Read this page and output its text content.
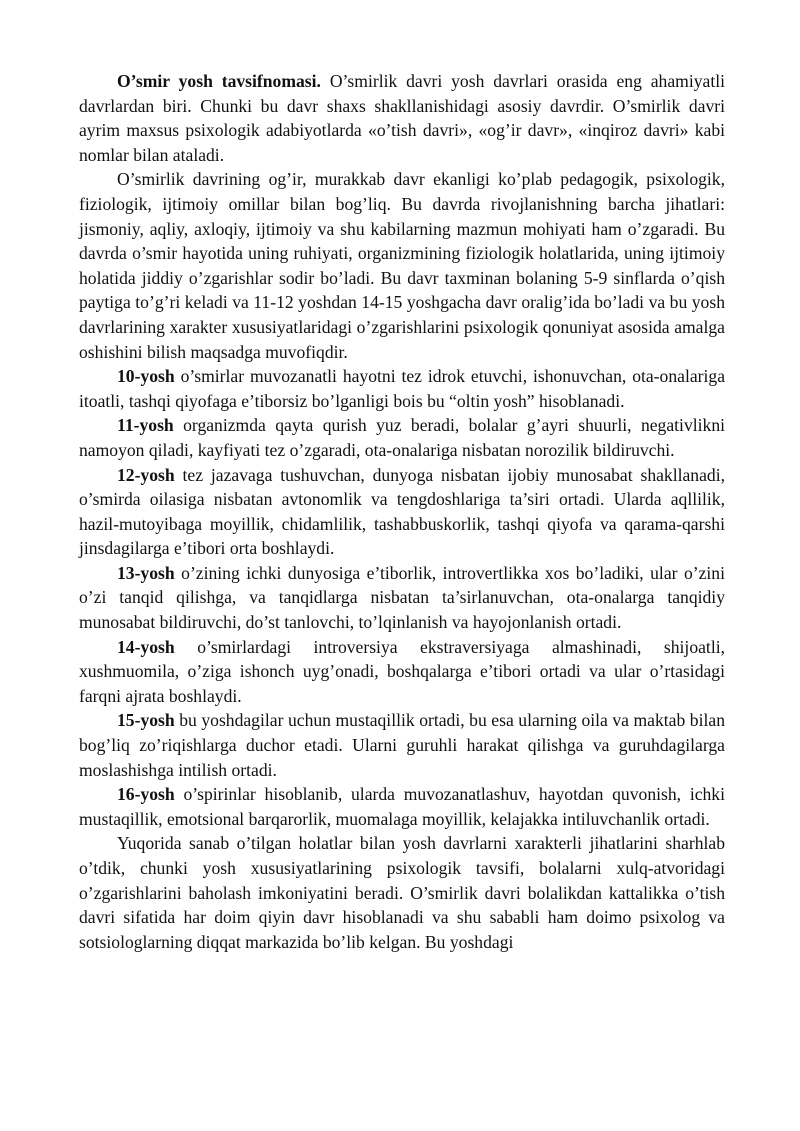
O’smir yosh tavsifnomasi. O’smirlik davri yosh davrlari orasida eng ahamiyatli davrlardan biri. Chunki bu davr shaxs shakllanishidagi asosiy davrdir. O’smirlik davri ayrim maxsus psixologik adabiyotlarda «o’tish davri», «og’ir davr», «inqiroz davri» kabi nomlar bilan ataladi.

O’smirlik davrining og’ir, murakkab davr ekanligi ko’plab pedagogik, psixologik, fiziologik, ijtimoiy omillar bilan bog’liq. Bu davrda rivojlanishning barcha jihatlari: jismoniy, aqliy, axloqiy, ijtimoiy va shu kabilarning mazmun mohiyati ham o’zgaradi. Bu davrda o’smir hayotida uning ruhiyati, organizmining fiziologik holatlarida, uning ijtimoiy holatida jiddiy o’zgarishlar sodir bo’ladi. Bu davr taxminan bolaning 5-9 sinflarda o’qish paytiga to’g’ri keladi va 11-12 yoshdan 14-15 yoshgacha davr oralig’ida bo’ladi va bu yosh davrlarining xarakter xususiyatlaridagi o’zgarishlarini psixologik qonuniyat asosida amalga oshishini bilish maqsadga muvofiqdir.

10-yosh o’smirlar muvozanatli hayotni tez idrok etuvchi, ishonuvchan, ota-onalariga itoatli, tashqi qiyofaga e’tiborsiz bo’lganligi bois bu “oltin yosh” hisoblanadi.

11-yosh organizmda qayta qurish yuz beradi, bolalar g’ayri shuurli, negativlikni namoyon qiladi, kayfiyati tez o’zgaradi, ota-onalariga nisbatan norozilik bildiruvchi.

12-yosh tez jazavaga tushuvchan, dunyoga nisbatan ijobiy munosabat shakllanadi, o’smirda oilasiga nisbatan avtonomlik va tengdoshlariga ta’siri ortadi. Ularda aqllilik, hazil-mutoyibaga moyillik, chidamlilik, tashabbuskorlik, tashqi qiyofa va qarama-qarshi jinsdagilarga e’tibori orta boshlaydi.

13-yosh o’zining ichki dunyosiga e’tiborlik, introvertlikka xos bo’ladiki, ular o’zini o’zi tanqid qilishga, va tanqidlarga nisbatan ta’sirlanuvchan, ota-onalarga tanqidiy munosabat bildiruvchi, do’st tanlovchi, to’lqinlanish va hayojonlanish ortadi.

14-yosh o’smirlardagi introversiya ekstraversiyaga almashinadi, shijoatli, xushmuomila, o’ziga ishonch uyg’onadi, boshqalarga e’tibori ortadi va ular o’rtasidagi farqni ajrata boshlaydi.

15-yosh bu yoshdagilar uchun mustaqillik ortadi, bu esa ularning oila va maktab bilan bog’liq zo’riqishlarga duchor etadi. Ularni guruhli harakat qilishga va guruhdagilarga moslashishga intilish ortadi.

16-yosh o’spirinlar hisoblanib, ularda muvozanatlashuv, hayotdan quvonish, ichki mustaqillik, emotsional barqarorlik, muomalaga moyillik, kelajakka intiluvchanlik ortadi.

Yuqorida sanab o’tilgan holatlar bilan yosh davrlarni xarakterli jihatlarini sharhlab o’tdik, chunki yosh xususiyatlarining psixologik tavsifi, bolalarni xulq-atvoridagi o’zgarishlarini baholash imkoniyatini beradi. O’smirlik davri bolalikdan kattalikka o’tish davri sifatida har doim qiyin davr hisoblanadi va shu sababli ham doimo psixolog va sotsiologlarning diqqat markazida bo’lib kelgan. Bu yoshdagi
